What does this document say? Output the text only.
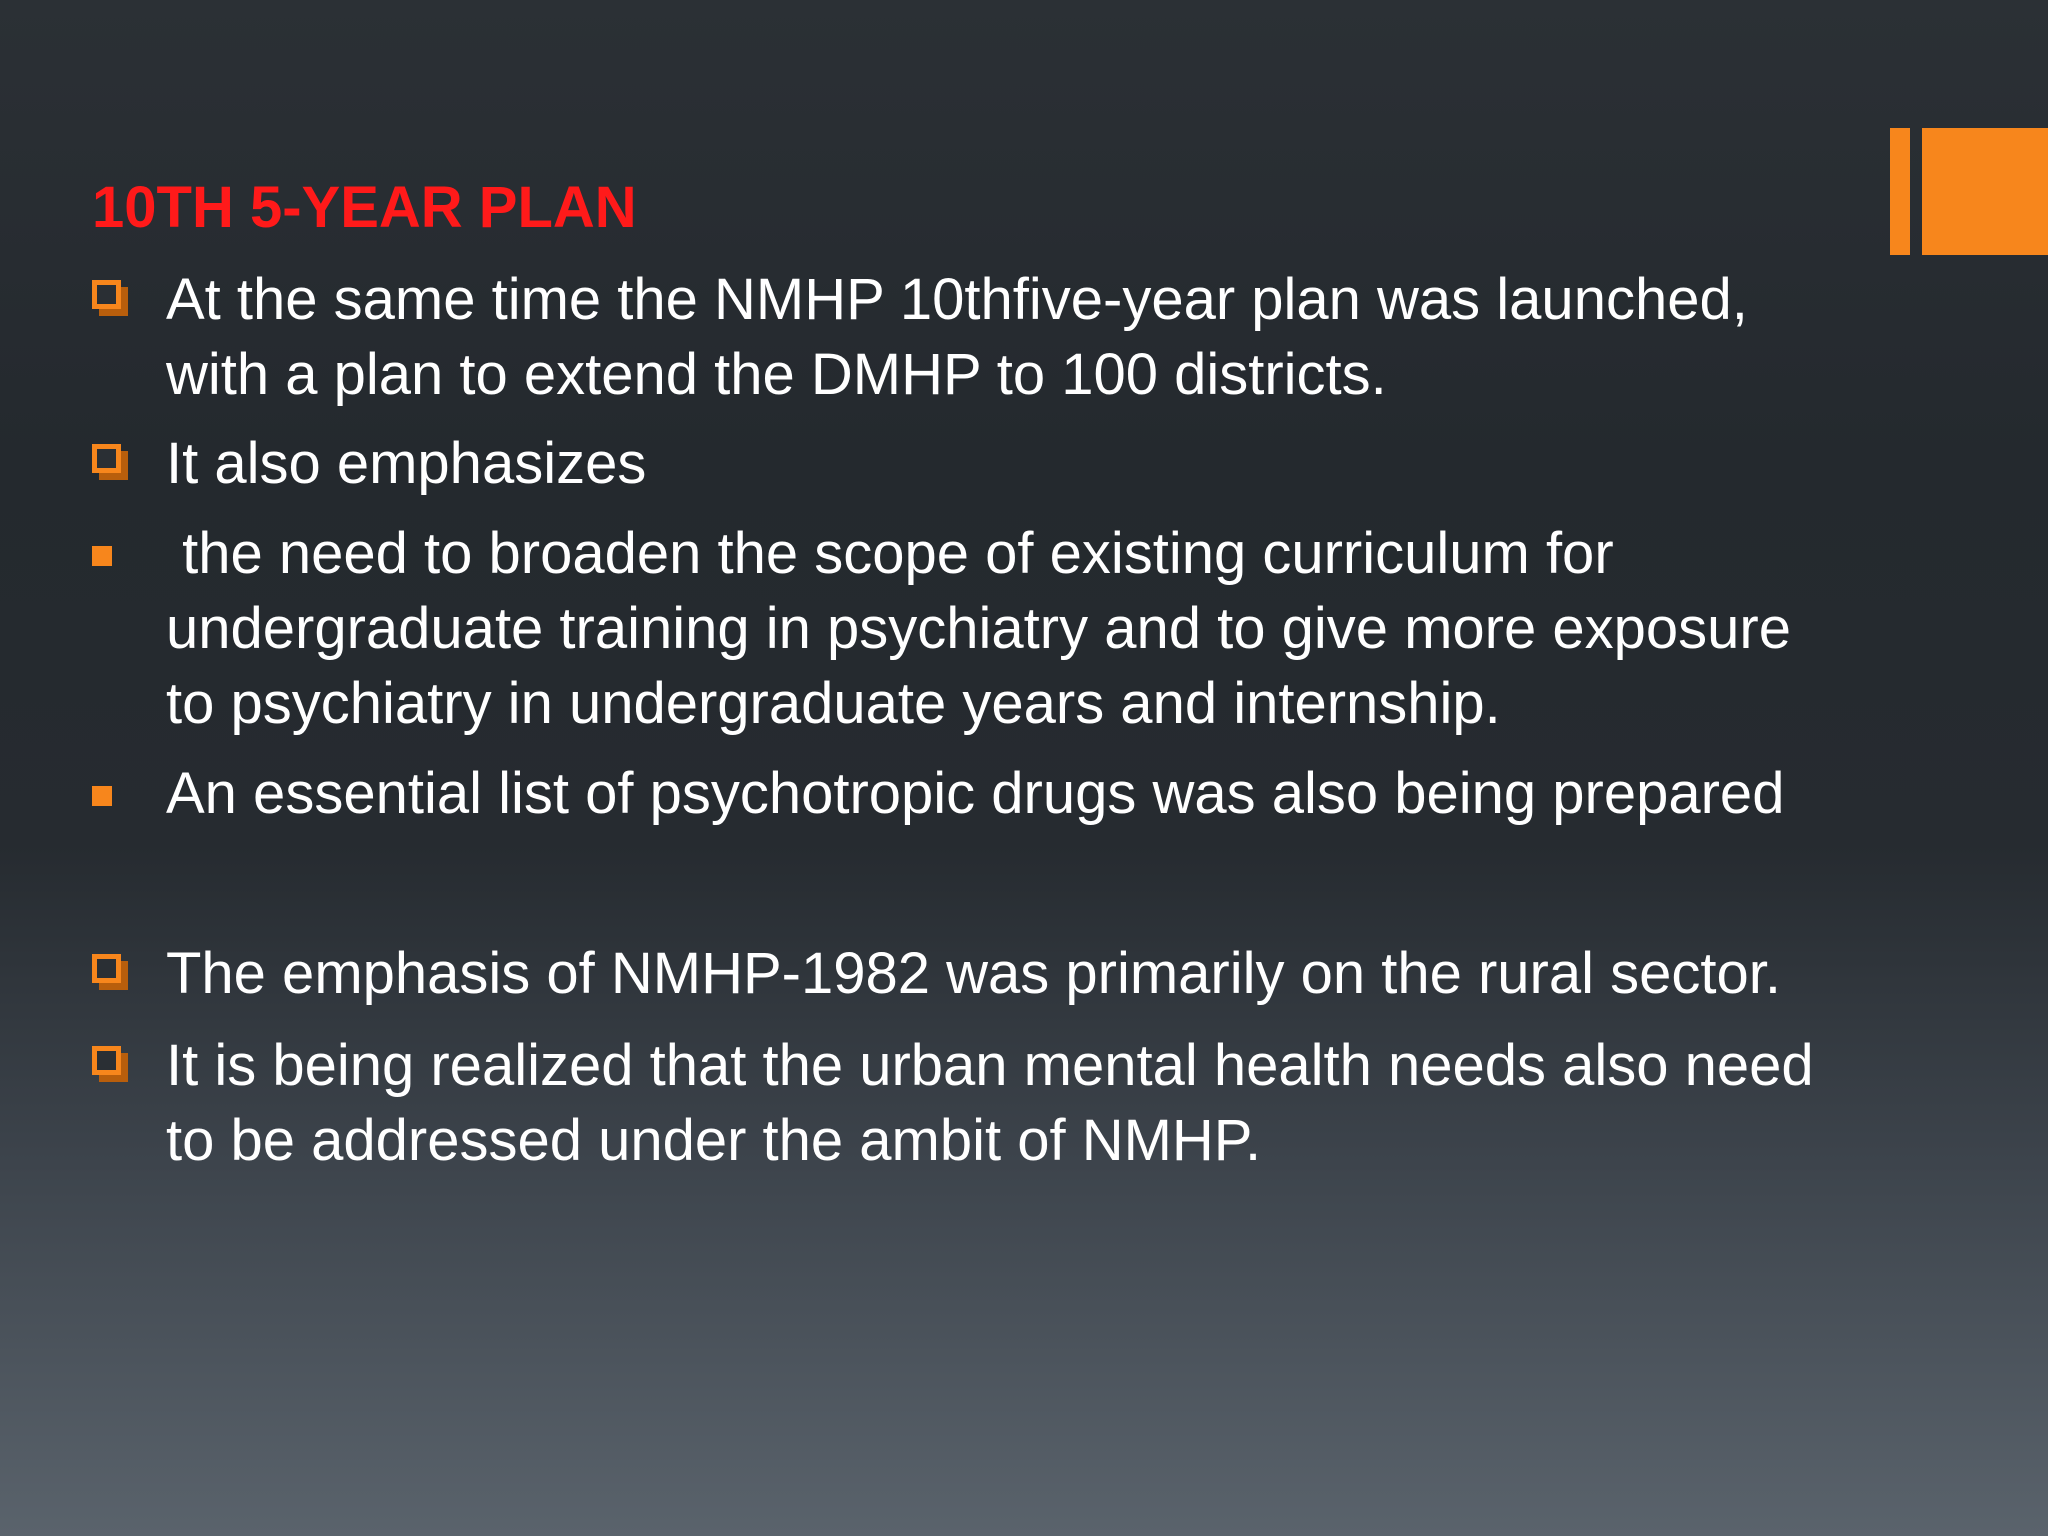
10TH 5-YEAR PLAN
At the same time the NMHP 10thfive-year plan was launched,
with a plan to extend the DMHP to 100 districts.
It also emphasizes
the need to broaden the scope of existing curriculum for
undergraduate training in psychiatry and to give more exposure
to psychiatry in undergraduate years and internship.
An essential list of psychotropic drugs was also being prepared
The emphasis of NMHP-1982 was primarily on the rural sector.
It is being realized that the urban mental health needs also need
to be addressed under the ambit of NMHP.
